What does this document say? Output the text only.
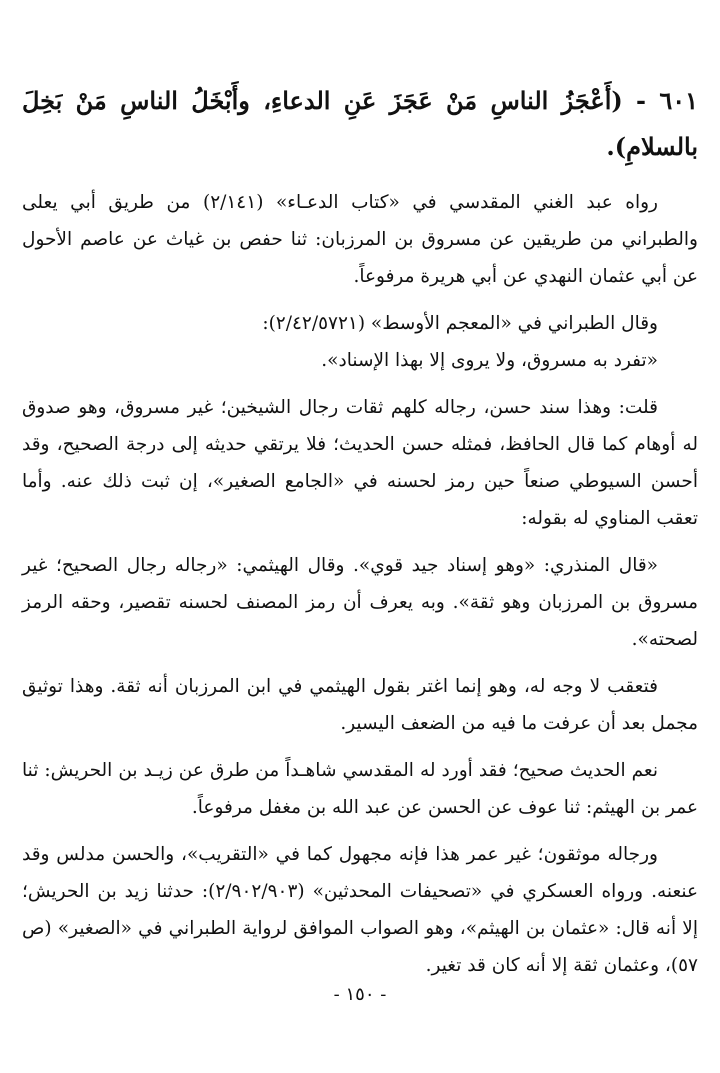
٦٠١ - (أَعْجَزُ الناسِ مَنْ عَجَزَ عَنِ الدعاءِ، وأَبْخَلُ الناسِ مَنْ بَخِلَ بالسلامِ).

رواه عبد الغني المقدسي في «كتاب الدعـاء» (٢/١٤١) من طريق أبي يعلى والطبراني من طريقين عن مسروق بن المرزبان: ثنا حفص بن غياث عن عاصم الأحول عن أبي عثمان النهدي عن أبي هريرة مرفوعاً.

وقال الطبراني في «المعجم الأوسط» (٢/٤٢/٥٧٢١):

«تفرد به مسروق، ولا يروى إلا بهذا الإسناد».

قلت: وهذا سند حسن، رجاله كلهم ثقات رجال الشيخين؛ غير مسروق، وهو صدوق له أوهام كما قال الحافظ، فمثله حسن الحديث؛ فلا يرتقي حديثه إلى درجة الصحيح، وقد أحسن السيوطي صنعاً حين رمز لحسنه في «الجامع الصغير»، إن ثبت ذلك عنه. وأما تعقب المناوي له بقوله:

«قال المنذري: «وهو إسناد جيد قوي». وقال الهيثمي: «رجاله رجال الصحيح؛ غير مسروق بن المرزبان وهو ثقة». وبه يعرف أن رمز المصنف لحسنه تقصير، وحقه الرمز لصحته».

فتعقب لا وجه له، وهو إنما اغتر بقول الهيثمي في ابن المرزبان أنه ثقة. وهذا توثيق مجمل بعد أن عرفت ما فيه من الضعف اليسير.

نعم الحديث صحيح؛ فقد أورد له المقدسي شاهـداً من طرق عن زيـد بن الحريش: ثنا عمر بن الهيثم: ثنا عوف عن الحسن عن عبد الله بن مغفل مرفوعاً.

ورجاله موثقون؛ غير عمر هذا فإنه مجهول كما في «التقريب»، والحسن مدلس وقد عنعنه. ورواه العسكري في «تصحيفات المحدثين» (٢/٩٠٢/٩٠٣): حدثنا زيد بن الحريش؛ إلا أنه قال: «عثمان بن الهيثم»، وهو الصواب الموافق لرواية الطبراني في «الصغير» (ص ٥٧)، وعثمان ثقة إلا أنه كان قد تغير.

- ١٥٠ -
